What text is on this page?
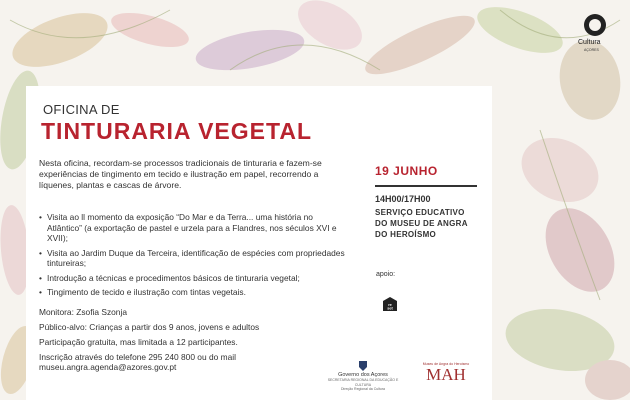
Cultura
AÇORES
OFICINA DE
TINTURARIA VEGETAL
Nesta oficina, recordam-se processos tradicionais de tinturaria e fazem-se experiências de tingimento em tecido e ilustração em papel, recorrendo a líquenes, plantas e cascas de árvore.
• Visita ao ll momento da exposição “Do Mar e da Terra... uma história no Atlântico” (a exportação de pastel e urzela para a Flandres, nos séculos XVI e XVII);
• Visita ao Jardim Duque da Terceira, identificação de espécies com propriedades tintureiras;
• Introdução a técnicas e procedimentos básicos de tinturaria vegetal;
• Tingimento de tecido e ilustração com tintas vegetais.
Monitora: Zsofia Szonja
Público-alvo: Crianças a partir dos 9 anos, jovens e adultos
Participação gratuita, mas limitada a 12 participantes.
Inscrição através do telefone 295 240 800 ou do mail
museu.angra.agenda@azores.gov.pt
19 JUNHO
14H00/17H00
SERVIÇO EDUCATIVO
DO MUSEU DE ANGRA
DO HEROÍSMO
apoio:
re
set
Governo dos Açores
SECRETARIA REGIONAL DA EDUCAÇÃO E CULTURA
Direção Regional da Cultura
Museu de Angra do Heroísmo
MAH
